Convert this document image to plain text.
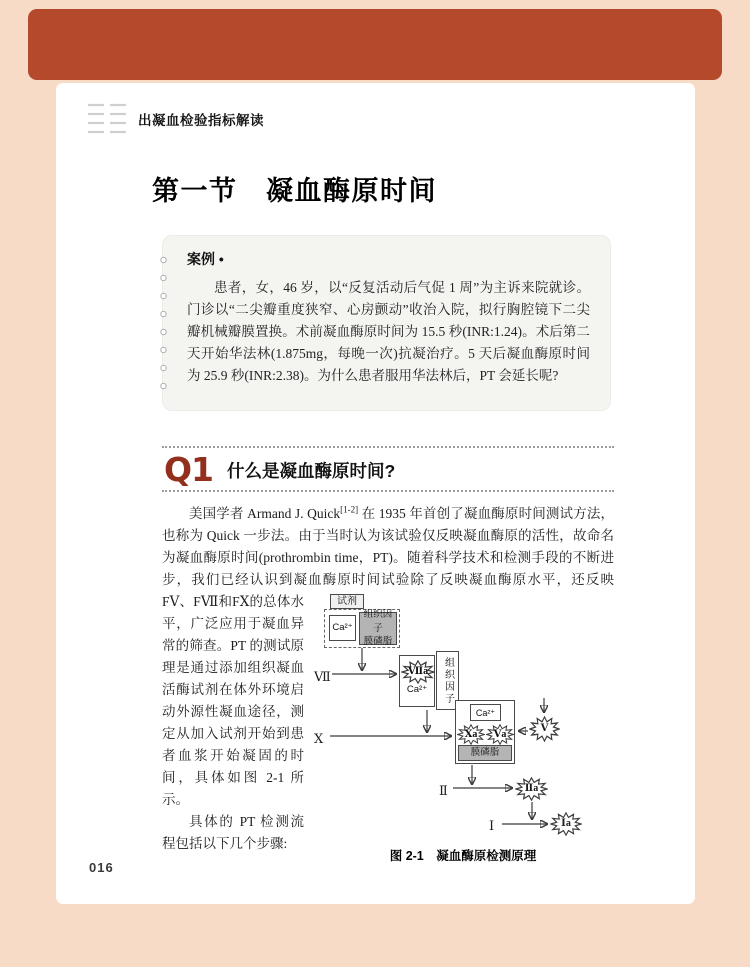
出凝血检验指标解读
第一节　凝血酶原时间
案例 •

患者，女，46 岁，以“反复活动后气促 1 周”为主诉来院就诊。门诊以“二尖瓣重度狭窄、心房颤动”收治入院，拟行胸腔镜下二尖瓣机械瓣膜置换。术前凝血酶原时间为 15.5 秒(INR:1.24)。术后第二天开始华法林(1.875mg，每晚一次)抗凝治疗。5 天后凝血酶原时间为 25.9 秒(INR:2.38)。为什么患者服用华法林后，PT 会延长呢?

Q1 什么是凝血酶原时间?

美国学者 Armand J. Quick[1-2] 在 1935 年首创了凝血酶原时间测试方法，也称为 Quick 一步法。由于当时认为该试验仅反映凝血酶原的活性，故命名为凝血酶原时间(prothrombin time，PT)。随着科学技术和检测手段的不断进步，我们已经认识到凝血酶原时间试验除了反映凝血酶原水平，还反映 FⅤ、	试剂
Ca²⁺
组织因子
膜磷脂
Ⅶ	Ⅶa
Ca²⁺	组织因子
Ⅹ
Ca²⁺
Ⅹa Ⅴa
膜磷脂
Ⅴ
Ⅱ	Ⅱa
Ⅰ	Ⅰa
图 2-1　凝血酶原检测原理
FⅦ和FⅩ的总体水平，广泛应用于凝血异常的筛查。PT 的测试原理是通过添加组织凝血活酶试剂在体外环境启动外源性凝血途径，测定从加入试剂开始到患者血浆开始凝固的时间，具体如图 2-1 所示。

具体的 PT 检测流程包括以下几个步骤:

016
